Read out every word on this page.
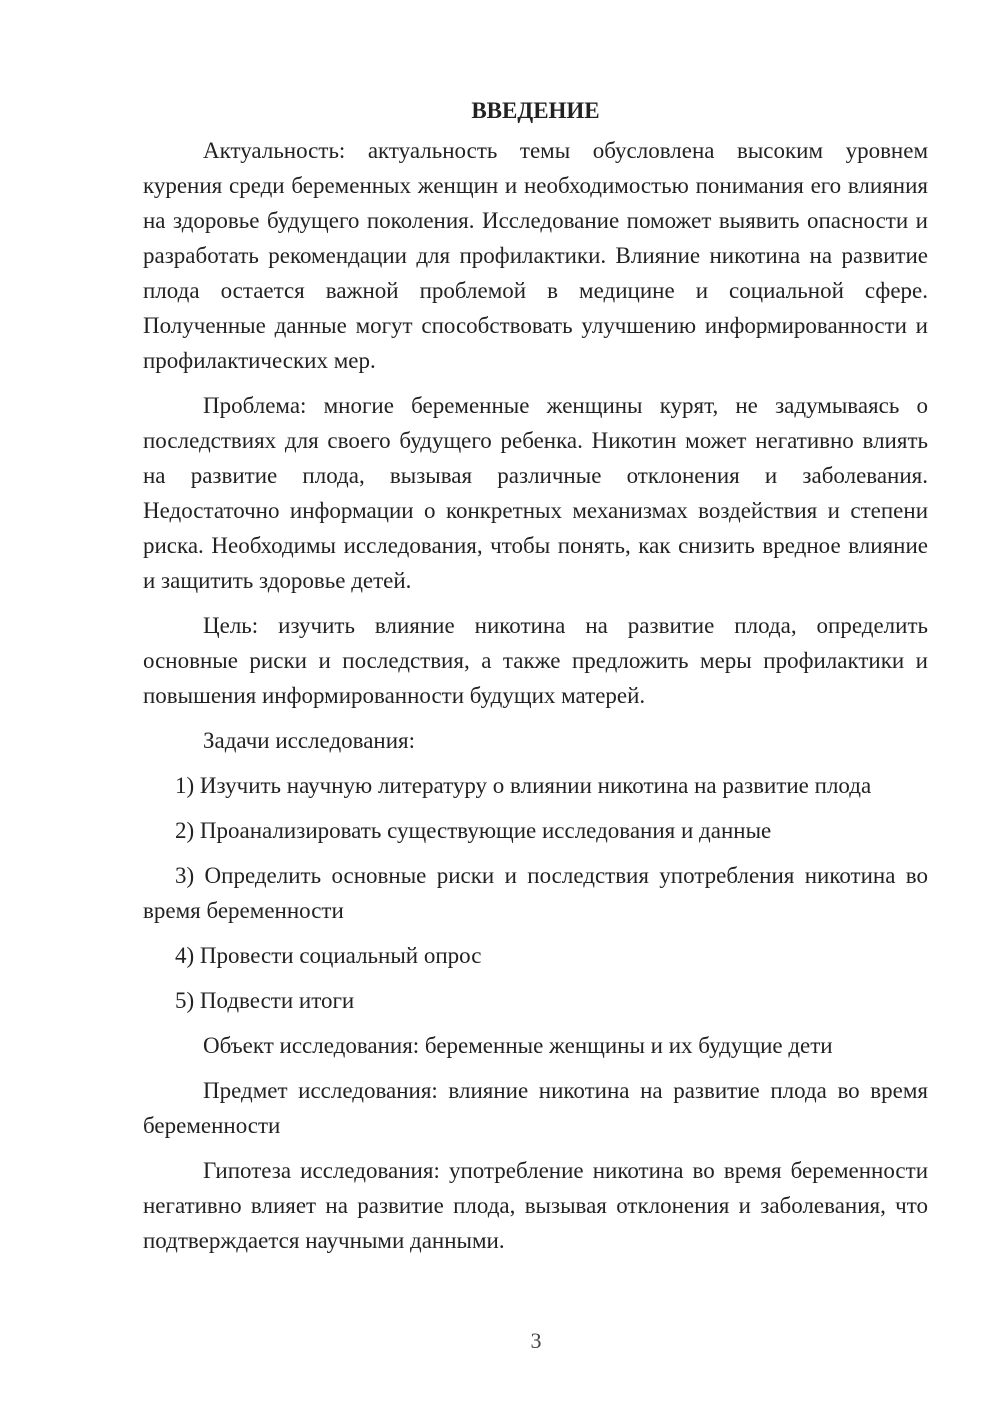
ВВЕДЕНИЕ

Актуальность: актуальность темы обусловлена высоким уровнем курения среди беременных женщин и необходимостью понимания его влияния на здоровье будущего поколения. Исследование поможет выявить опасности и разработать рекомендации для профилактики. Влияние никотина на развитие плода остается важной проблемой в медицине и социальной сфере. Полученные данные могут способствовать улучшению информированности и профилактических мер.

Проблема: многие беременные женщины курят, не задумываясь о последствиях для своего будущего ребенка. Никотин может негативно влиять на развитие плода, вызывая различные отклонения и заболевания. Недостаточно информации о конкретных механизмах воздействия и степени риска. Необходимы исследования, чтобы понять, как снизить вредное влияние и защитить здоровье детей.

Цель: изучить влияние никотина на развитие плода, определить основные риски и последствия, а также предложить меры профилактики и повышения информированности будущих матерей.

Задачи исследования:

1) Изучить научную литературу о влиянии никотина на развитие плода

2) Проанализировать существующие исследования и данные

3) Определить основные риски и последствия употребления никотина во время беременности

4) Провести социальный опрос

5) Подвести итоги

Объект исследования: беременные женщины и их будущие дети

Предмет исследования: влияние никотина на развитие плода во время беременности

Гипотеза исследования: употребление никотина во время беременности негативно влияет на развитие плода, вызывая отклонения и заболевания, что подтверждается научными данными.

3
